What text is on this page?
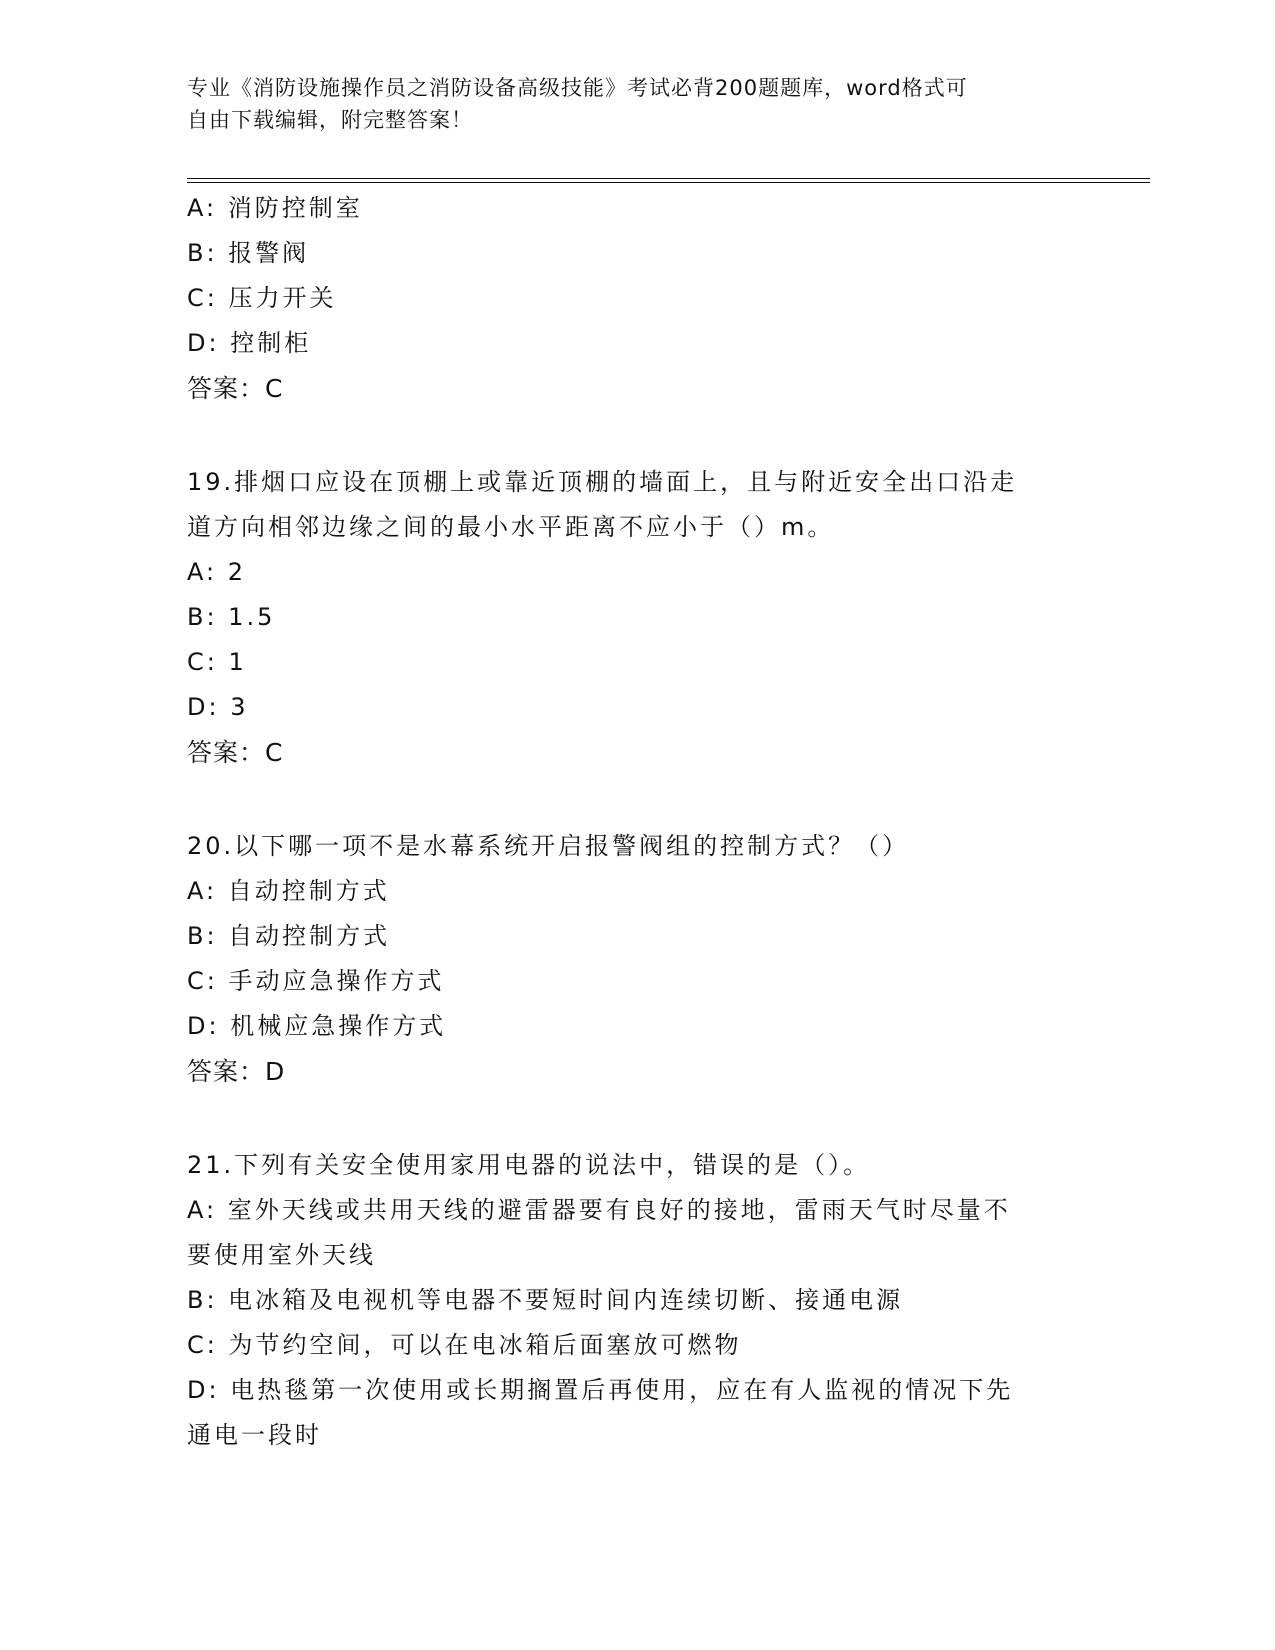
专业《消防设施操作员之消防设备高级技能》考试必背200题题库，word格式可
自由下载编辑，附完整答案！
A: 消防控制室
B: 报警阀
C: 压力开关
D: 控制柜
答案：C
19.排烟口应设在顶棚上或靠近顶棚的墙面上，且与附近安全出口沿走
道方向相邻边缘之间的最小水平距离不应小于（）m。
A: 2
B: 1.5
C: 1
D: 3
答案：C
20.以下哪一项不是水幕系统开启报警阀组的控制方式？（）
A: 自动控制方式
B: 自动控制方式
C: 手动应急操作方式
D: 机械应急操作方式
答案：D
21.下列有关安全使用家用电器的说法中，错误的是（）。
A: 室外天线或共用天线的避雷器要有良好的接地，雷雨天气时尽量不
要使用室外天线
B: 电冰箱及电视机等电器不要短时间内连续切断、接通电源
C: 为节约空间，可以在电冰箱后面塞放可燃物
D: 电热毯第一次使用或长期搁置后再使用，应在有人监视的情况下先
通电一段时
